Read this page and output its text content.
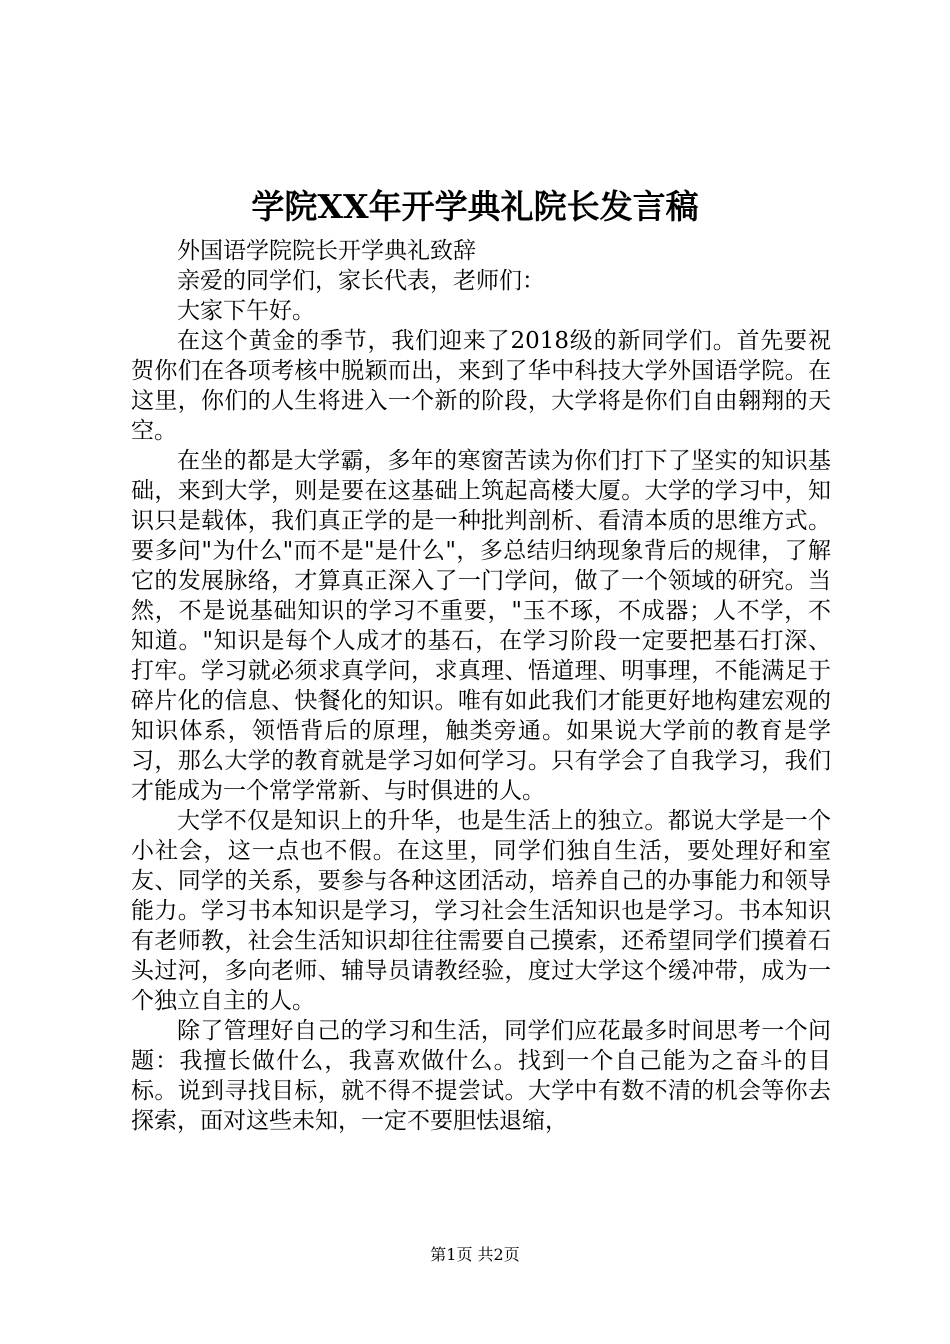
学院XX年开学典礼院长发言稿

外国语学院院长开学典礼致辞

亲爱的同学们，家长代表，老师们：

大家下午好。

在这个黄金的季节，我们迎来了2018级的新同学们。首先要祝贺你们在各项考核中脱颖而出，来到了华中科技大学外国语学院。在这里，你们的人生将进入一个新的阶段，大学将是你们自由翱翔的天空。

在坐的都是大学霸，多年的寒窗苦读为你们打下了坚实的知识基础，来到大学，则是要在这基础上筑起高楼大厦。大学的学习中，知识只是载体，我们真正学的是一种批判剖析、看清本质的思维方式。要多问"为什么"而不是"是什么"，多总结归纳现象背后的规律，了解它的发展脉络，才算真正深入了一门学问，做了一个领域的研究。当然，不是说基础知识的学习不重要，"玉不琢，不成器；人不学，不知道。"知识是每个人成才的基石，在学习阶段一定要把基石打深、打牢。学习就必须求真学问，求真理、悟道理、明事理，不能满足于碎片化的信息、快餐化的知识。唯有如此我们才能更好地构建宏观的知识体系，领悟背后的原理，触类旁通。如果说大学前的教育是学习，那么大学的教育就是学习如何学习。只有学会了自我学习，我们才能成为一个常学常新、与时俱进的人。

大学不仅是知识上的升华，也是生活上的独立。都说大学是一个小社会，这一点也不假。在这里，同学们独自生活，要处理好和室友、同学的关系，要参与各种这团活动，培养自己的办事能力和领导能力。学习书本知识是学习，学习社会生活知识也是学习。书本知识有老师教，社会生活知识却往往需要自己摸索，还希望同学们摸着石头过河，多向老师、辅导员请教经验，度过大学这个缓冲带，成为一个独立自主的人。

除了管理好自己的学习和生活，同学们应花最多时间思考一个问题：我擅长做什么，我喜欢做什么。找到一个自己能为之奋斗的目标。说到寻找目标，就不得不提尝试。大学中有数不清的机会等你去探索，面对这些未知，一定不要胆怯退缩，

第1页 共2页
